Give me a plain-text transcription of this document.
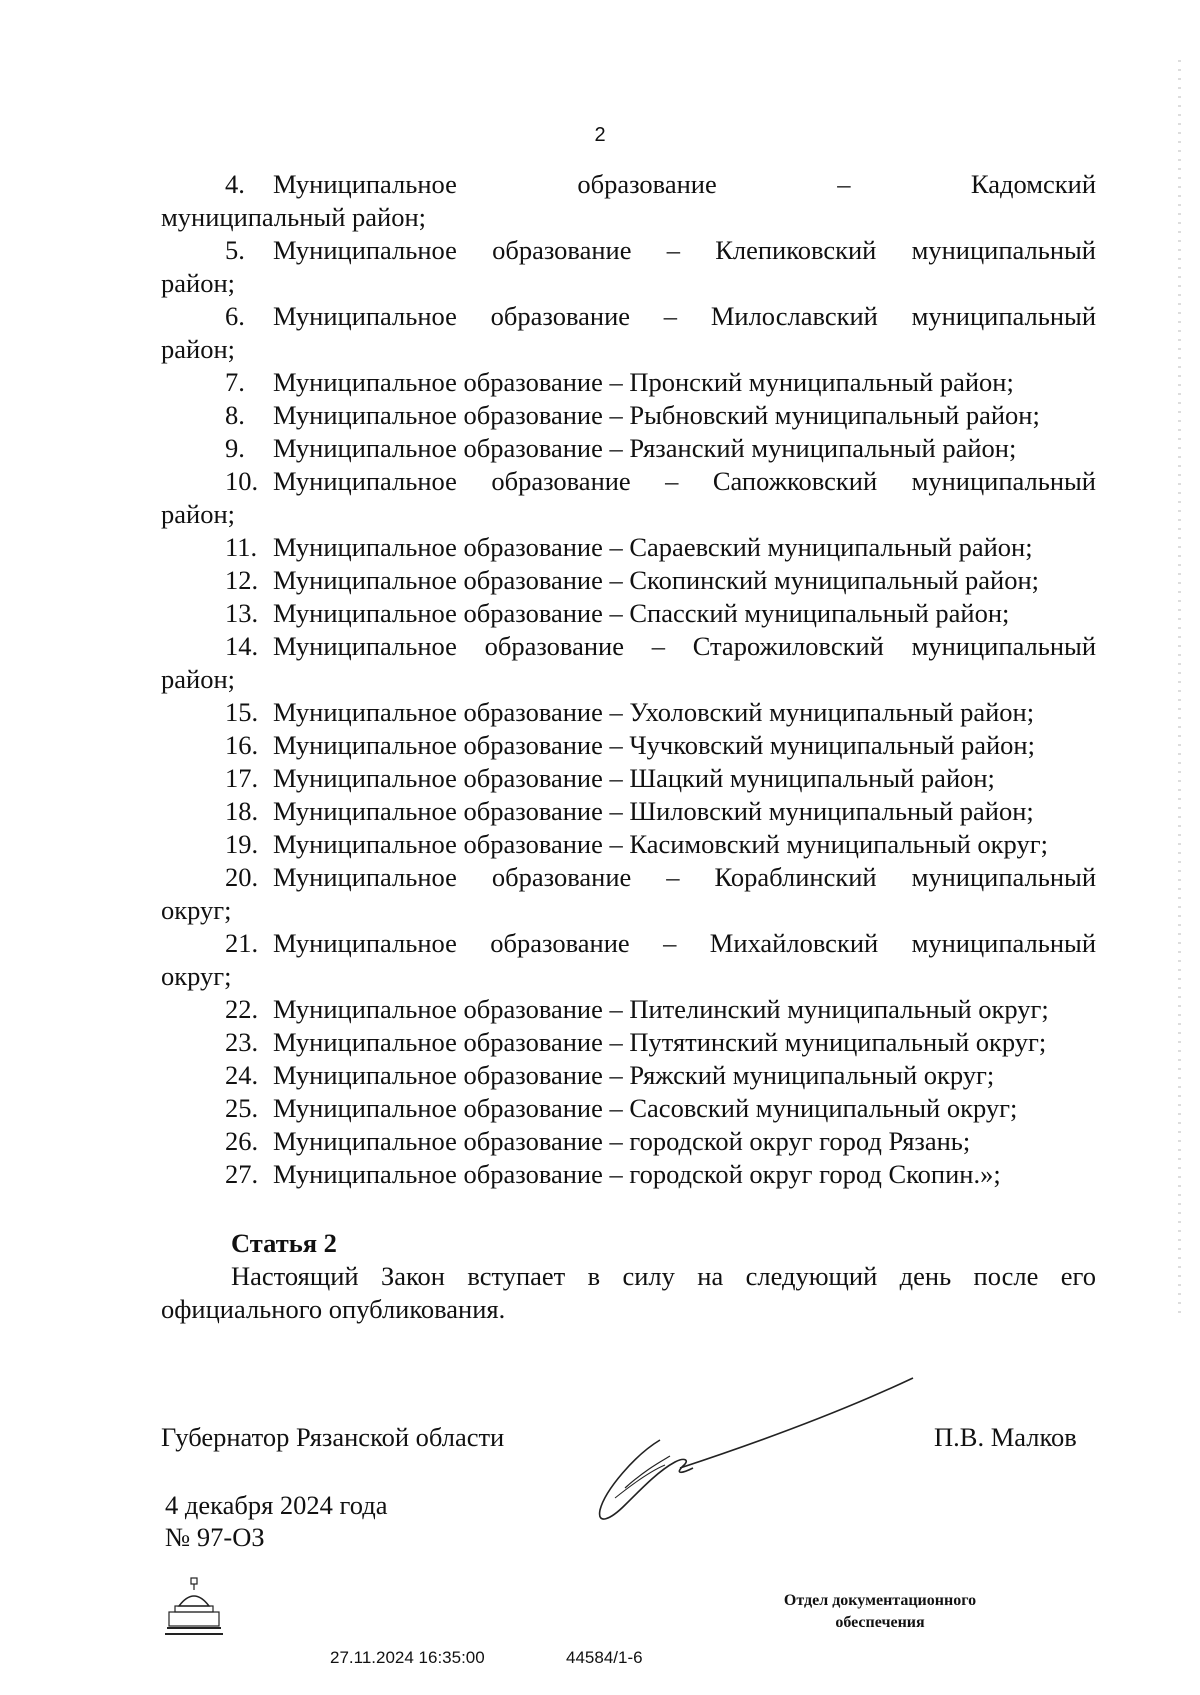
2
4. Муниципальное образование – Кадомский
муниципальный район;
5. Муниципальное образование – Клепиковский муниципальный
район;
6. Муниципальное образование – Милославский муниципальный
район;
7. Муниципальное образование – Пронский муниципальный район;
8. Муниципальное образование – Рыбновский муниципальный район;
9. Муниципальное образование – Рязанский муниципальный район;
10. Муниципальное образование – Сапожковский муниципальный
район;
11. Муниципальное образование – Сараевский муниципальный район;
12. Муниципальное образование – Скопинский муниципальный район;
13. Муниципальное образование – Спасский муниципальный район;
14. Муниципальное образование – Старожиловский муниципальный
район;
15. Муниципальное образование – Ухоловский муниципальный район;
16. Муниципальное образование – Чучковский муниципальный район;
17. Муниципальное образование – Шацкий муниципальный район;
18. Муниципальное образование – Шиловский муниципальный район;
19. Муниципальное образование – Касимовский муниципальный округ;
20. Муниципальное образование – Кораблинский муниципальный
округ;
21. Муниципальное образование – Михайловский муниципальный
округ;
22. Муниципальное образование – Пителинский муниципальный округ;
23. Муниципальное образование – Путятинский муниципальный округ;
24. Муниципальное образование – Ряжский муниципальный округ;
25. Муниципальное образование – Сасовский муниципальный округ;
26. Муниципальное образование – городской округ город Рязань;
27. Муниципальное образование – городской округ город Скопин.»;
Статья 2
Настоящий Закон вступает в силу на следующий день после его официального опубликования.
Губернатор Рязанской области	П.В. Малков
4 декабря 2024 года
№ 97-ОЗ
Отдел документационного
обеспечения
27.11.2024 16:35:00	44584/1-6
